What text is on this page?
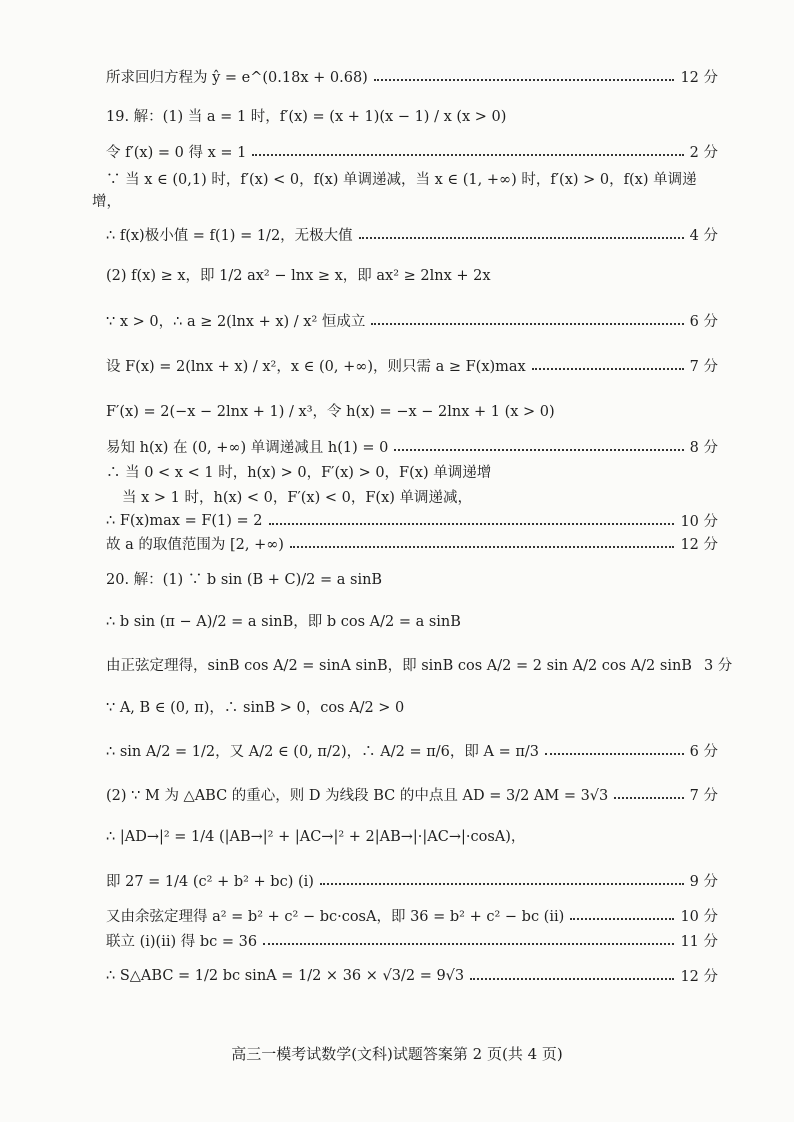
所求回归方程为 ŷ = e^(0.18x + 0.68)	12 分
19. 解：(1) 当 a = 1 时，f′(x) = (x + 1)(x − 1) / x (x > 0)
令 f′(x) = 0 得 x = 1	2 分
∵ 当 x ∈ (0,1) 时，f′(x) < 0，f(x) 单调递减，当 x ∈ (1, +∞) 时，f′(x) > 0，f(x) 单调递
增，
∴ f(x)极小值 = f(1) = 1/2，无极大值	4 分
(2) f(x) ≥ x，即 1/2 ax² − lnx ≥ x，即 ax² ≥ 2lnx + 2x
∵ x > 0，∴ a ≥ 2(lnx + x) / x² 恒成立	6 分
设 F(x) = 2(lnx + x) / x²，x ∈ (0, +∞)，则只需 a ≥ F(x)max	7 分
F′(x) = 2(−x − 2lnx + 1) / x³，令 h(x) = −x − 2lnx + 1 (x > 0)
易知 h(x) 在 (0, +∞) 单调递减且 h(1) = 0	8 分
∴ 当 0 < x < 1 时，h(x) > 0，F′(x) > 0，F(x) 单调递增
当 x > 1 时，h(x) < 0，F′(x) < 0，F(x) 单调递减，
∴ F(x)max = F(1) = 2	10 分
故 a 的取值范围为 [2, +∞)	12 分
20. 解：(1) ∵ b sin (B + C)/2 = a sinB
∴ b sin (π − A)/2 = a sinB，即 b cos A/2 = a sinB
由正弦定理得，sinB cos A/2 = sinA sinB，即 sinB cos A/2 = 2 sin A/2 cos A/2 sinB 3 分
∵ A, B ∈ (0, π)，∴ sinB > 0，cos A/2 > 0
∴ sin A/2 = 1/2，又 A/2 ∈ (0, π/2)，∴ A/2 = π/6，即 A = π/3	6 分
(2) ∵ M 为 △ABC 的重心，则 D 为线段 BC 的中点且 AD = 3/2 AM = 3√3	7 分
∴ |AD→|² = 1/4 (|AB→|² + |AC→|² + 2|AB→|·|AC→|·cosA)，
即 27 = 1/4 (c² + b² + bc) (ⅰ)	9 分
又由余弦定理得 a² = b² + c² − bc·cosA，即 36 = b² + c² − bc (ⅱ)	10 分
联立 (ⅰ)(ⅱ) 得 bc = 36	11 分
∴ S△ABC = 1/2 bc sinA = 1/2 × 36 × √3/2 = 9√3	12 分
高三一模考试数学(文科)试题答案第 2 页(共 4 页)
